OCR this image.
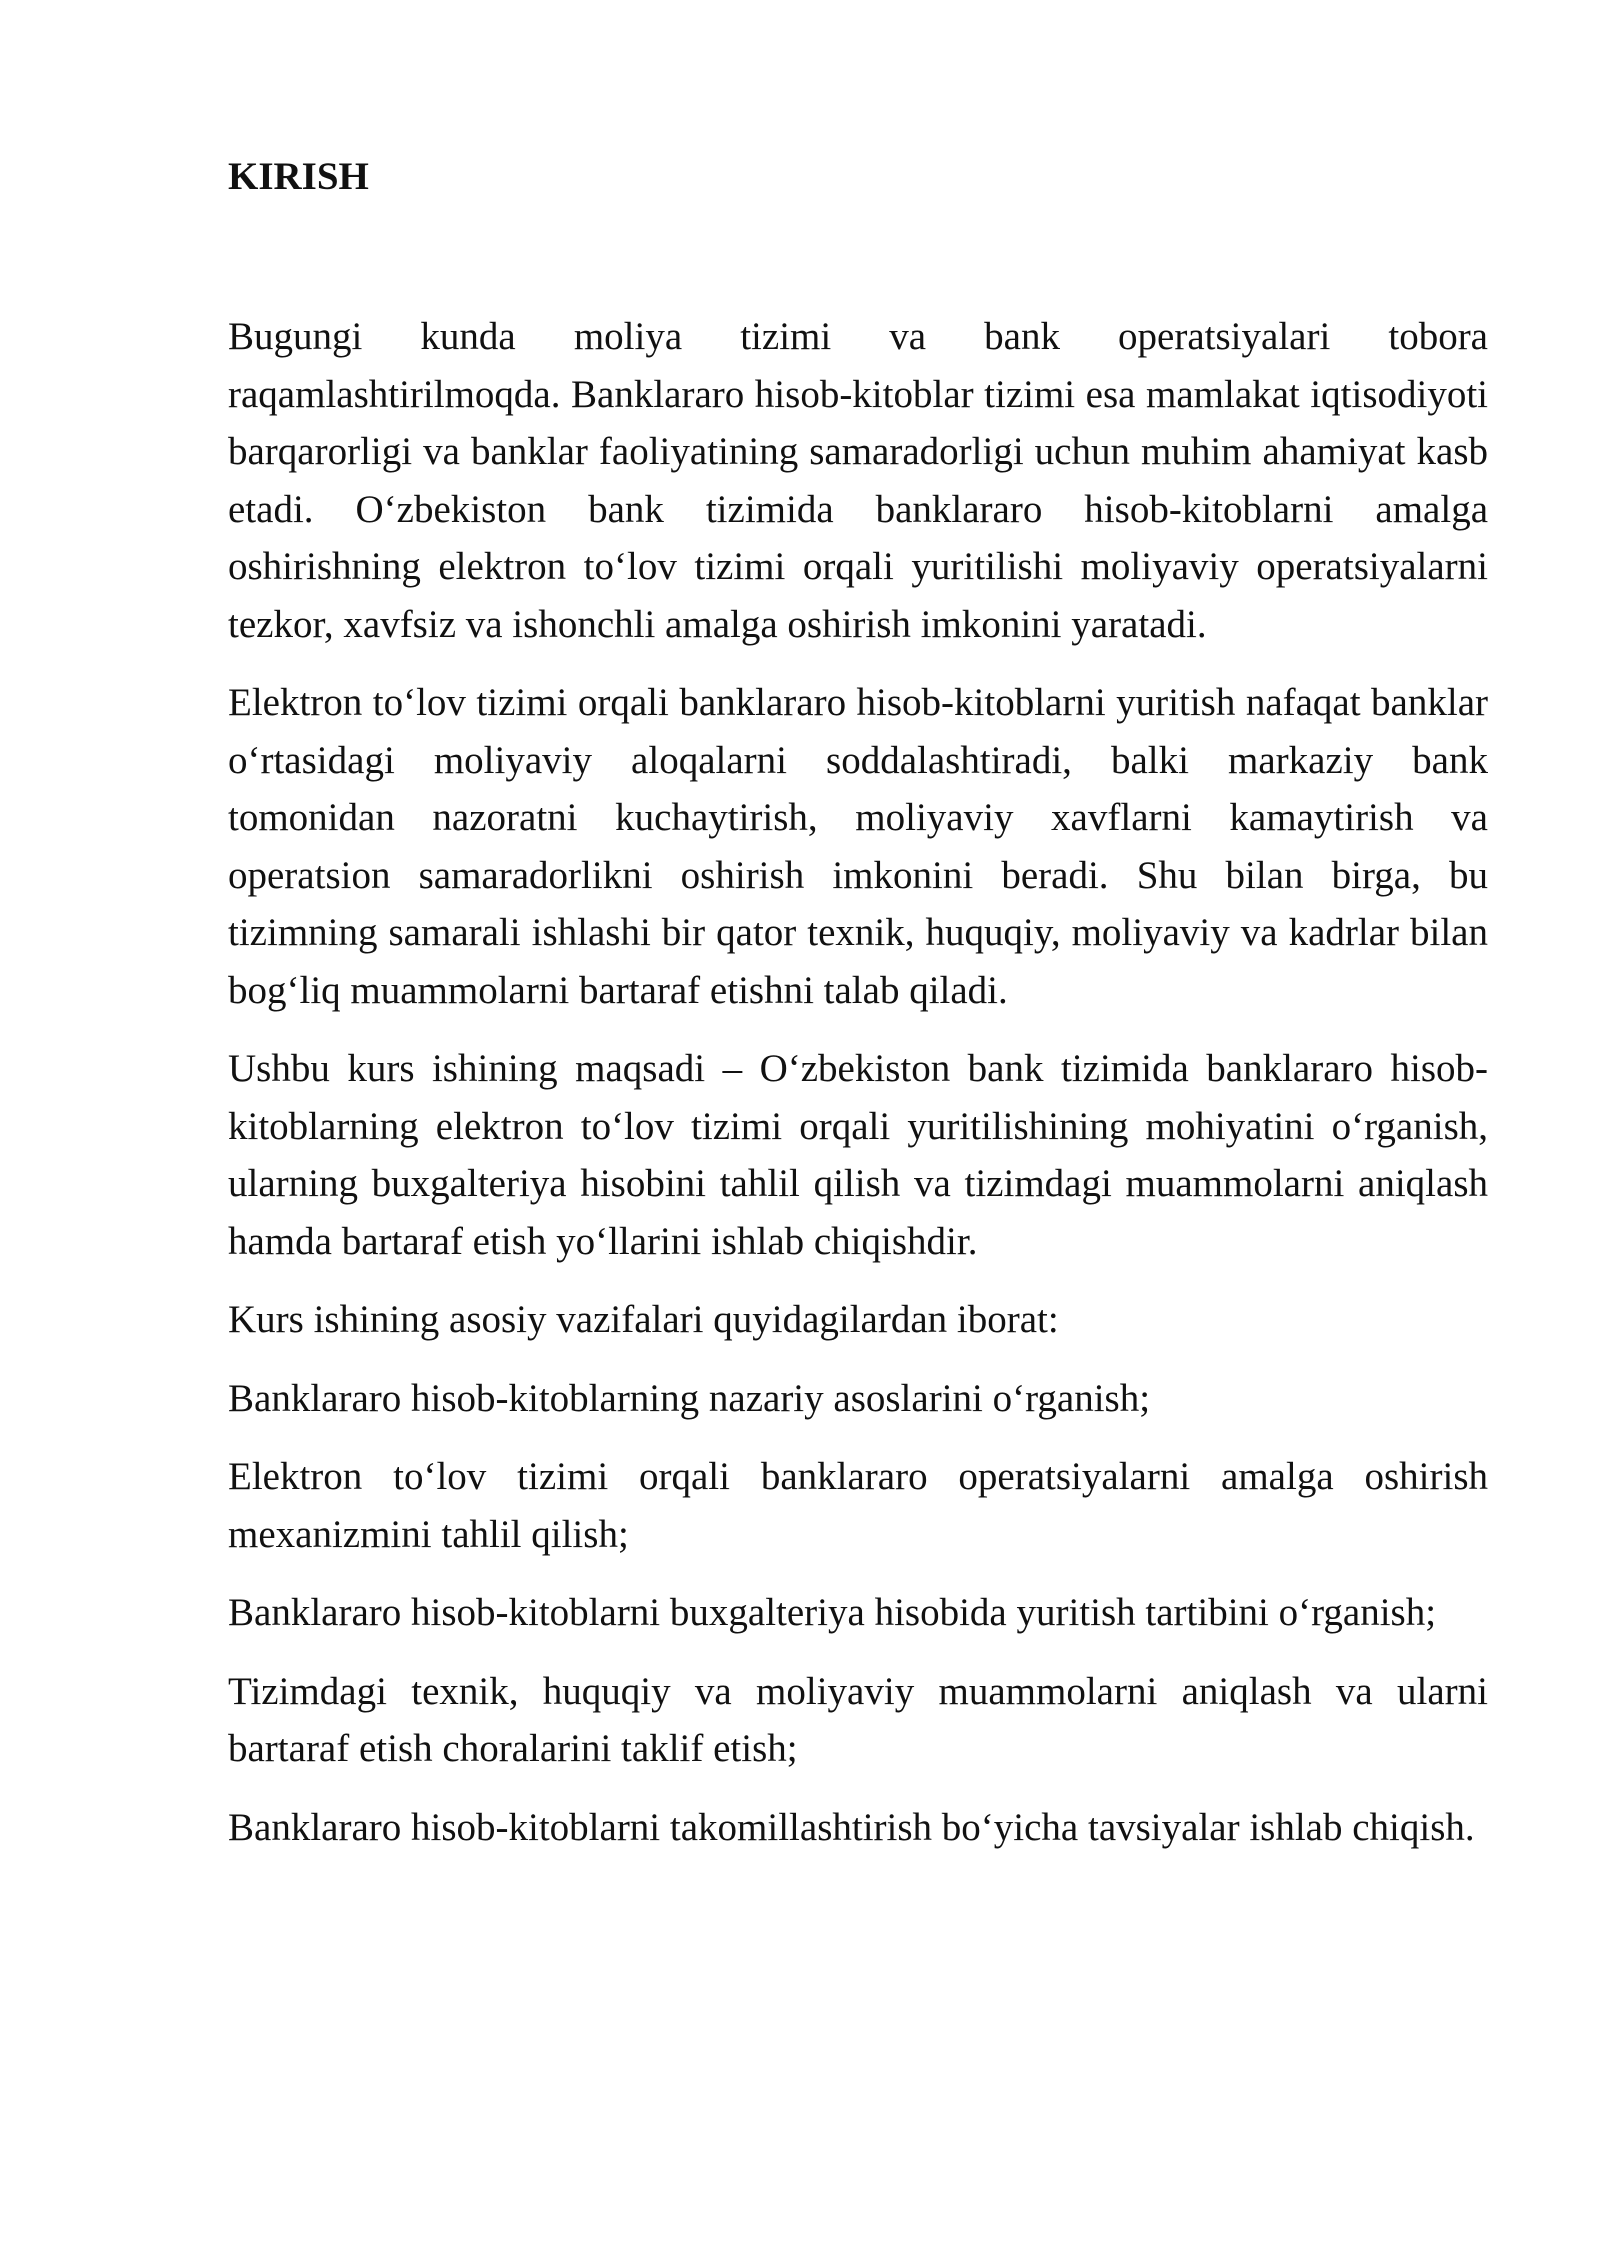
KIRISH

Bugungi kunda moliya tizimi va bank operatsiyalari tobora raqamlashtirilmoqda. Banklararo hisob-kitoblar tizimi esa mamlakat iqtisodiyoti barqarorligi va banklar faoliyatining samaradorligi uchun muhim ahamiyat kasb etadi. O‘zbekiston bank tizimida banklararo hisob-kitoblarni amalga oshirishning elektron to‘lov tizimi orqali yuritilishi moliyaviy operatsiyalarni tezkor, xavfsiz va ishonchli amalga oshirish imkonini yaratadi.

Elektron to‘lov tizimi orqali banklararo hisob-kitoblarni yuritish nafaqat banklar o‘rtasidagi moliyaviy aloqalarni soddalashtiradi, balki markaziy bank tomonidan nazoratni kuchaytirish, moliyaviy xavflarni kamaytirish va operatsion samaradorlikni oshirish imkonini beradi. Shu bilan birga, bu tizimning samarali ishlashi bir qator texnik, huquqiy, moliyaviy va kadrlar bilan bog‘liq muammolarni bartaraf etishni talab qiladi.

Ushbu kurs ishining maqsadi – O‘zbekiston bank tizimida banklararo hisob-kitoblarning elektron to‘lov tizimi orqali yuritilishining mohiyatini o‘rganish, ularning buxgalteriya hisobini tahlil qilish va tizimdagi muammolarni aniqlash hamda bartaraf etish yo‘llarini ishlab chiqishdir.

Kurs ishining asosiy vazifalari quyidagilardan iborat:

Banklararo hisob-kitoblarning nazariy asoslarini o‘rganish;

Elektron to‘lov tizimi orqali banklararo operatsiyalarni amalga oshirish mexanizmini tahlil qilish;

Banklararo hisob-kitoblarni buxgalteriya hisobida yuritish tartibini o‘rganish;

Tizimdagi texnik, huquqiy va moliyaviy muammolarni aniqlash va ularni bartaraf etish choralarini taklif etish;

Banklararo hisob-kitoblarni takomillashtirish bo‘yicha tavsiyalar ishlab chiqish.
